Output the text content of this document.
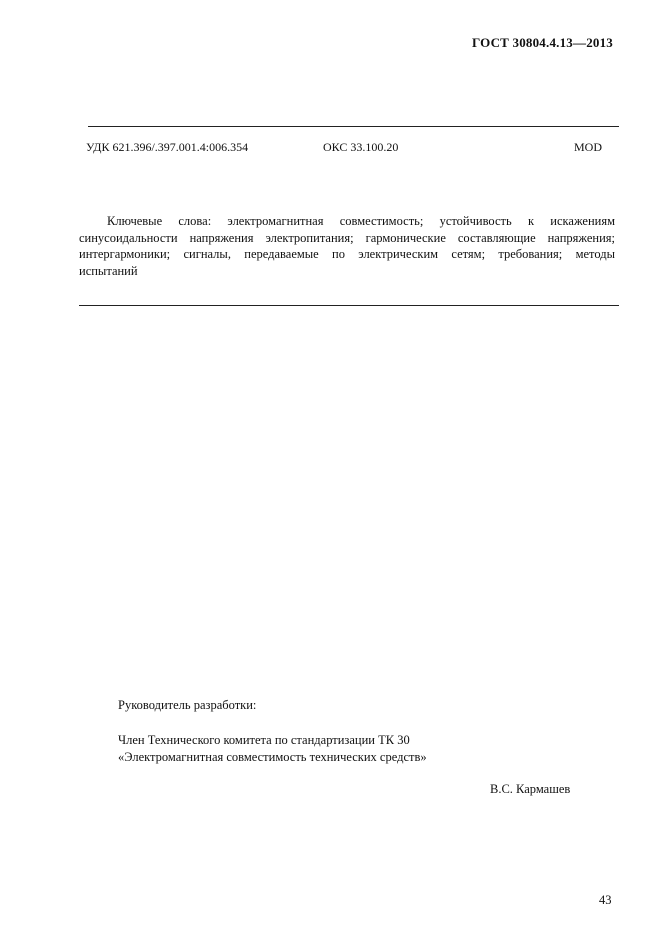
ГОСТ 30804.4.13—2013
УДК 621.396/.397.001.4:006.354	ОКС 33.100.20	MOD

Ключевые слова: электромагнитная совместимость; устойчивость к искажениям синусоидальности напряжения электропитания; гармонические составляющие напряжения; интергармоники; сигналы, передаваемые по электрическим сетям; требования; методы испытаний

Руководитель разработки:
Член Технического комитета по стандартизации ТК 30
«Электромагнитная совместимость технических средств»
В.С. Кармашев
43
